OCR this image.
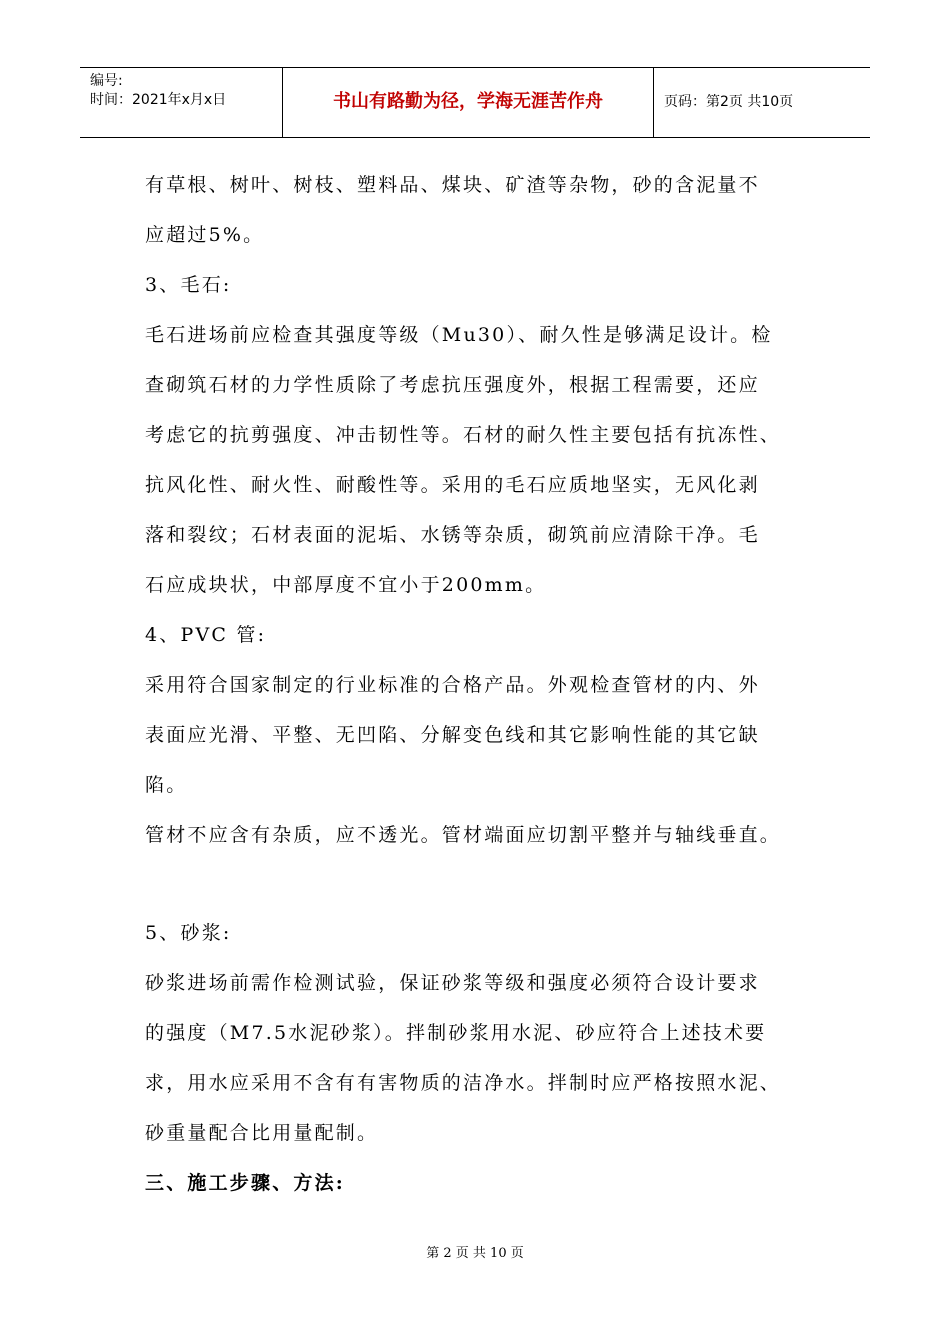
编号:
时间：2021年x月x日	书山有路勤为径，学海无涯苦作舟	页码：第2页 共10页
有草根、树叶、树枝、塑料品、煤块、矿渣等杂物，砂的含泥量不
应超过5%。
3、毛石:
毛石进场前应检查其强度等级（Mu30）、耐久性是够满足设计。检
查砌筑石材的力学性质除了考虑抗压强度外，根据工程需要，还应
考虑它的抗剪强度、冲击韧性等。石材的耐久性主要包括有抗冻性、
抗风化性、耐火性、耐酸性等。采用的毛石应质地坚实，无风化剥
落和裂纹；石材表面的泥垢、水锈等杂质，砌筑前应清除干净。毛
石应成块状，中部厚度不宜小于200mm。
4、PVC 管:
采用符合国家制定的行业标准的合格产品。外观检查管材的内、外
表面应光滑、平整、无凹陷、分解变色线和其它影响性能的其它缺
陷。
管材不应含有杂质，应不透光。管材端面应切割平整并与轴线垂直。
5、砂浆:
砂浆进场前需作检测试验，保证砂浆等级和强度必须符合设计要求
的强度（M7.5水泥砂浆）。拌制砂浆用水泥、砂应符合上述技术要
求，用水应采用不含有有害物质的洁净水。拌制时应严格按照水泥、
砂重量配合比用量配制。
三、施工步骤、方法:
第 2 页 共 10 页
